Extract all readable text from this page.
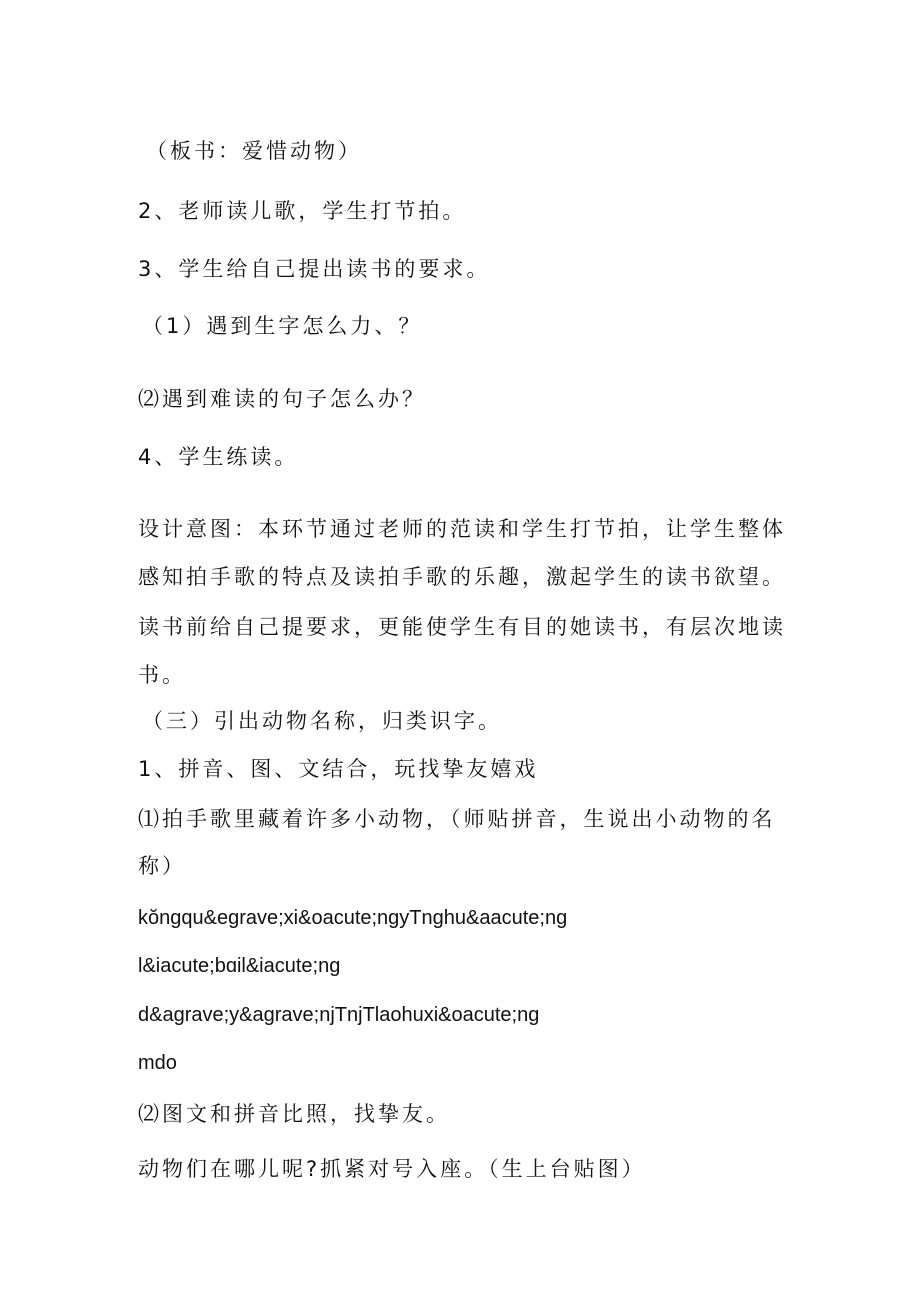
（板书：爱惜动物）

2、老师读儿歌，学生打节拍。

3、学生给自己提出读书的要求。

（1）遇到生字怎么力、？

⑵遇到难读的句子怎么办？

4、学生练读。

设计意图：本环节通过老师的范读和学生打节拍，让学生整体

感知拍手歌的特点及读拍手歌的乐趣，激起学生的读书欲望。

读书前给自己提要求，更能使学生有目的她读书，有层次地读

书。

（三）引出动物名称，归类识字。

1、拼音、图、文结合，玩找挚友嬉戏

⑴拍手歌里藏着许多小动物，（师贴拼音，生说出小动物的名

称）

kŏngqu&egrave;xi&oacute;ngyTnghu&aacute;ng

l&iacute;bɑil&iacute;ng

d&agrave;y&agrave;njTnjTlaohuxi&oacute;ng

mdo

⑵图文和拼音比照，找挚友。

动物们在哪儿呢?抓紧对号入座。（生上台贴图）
